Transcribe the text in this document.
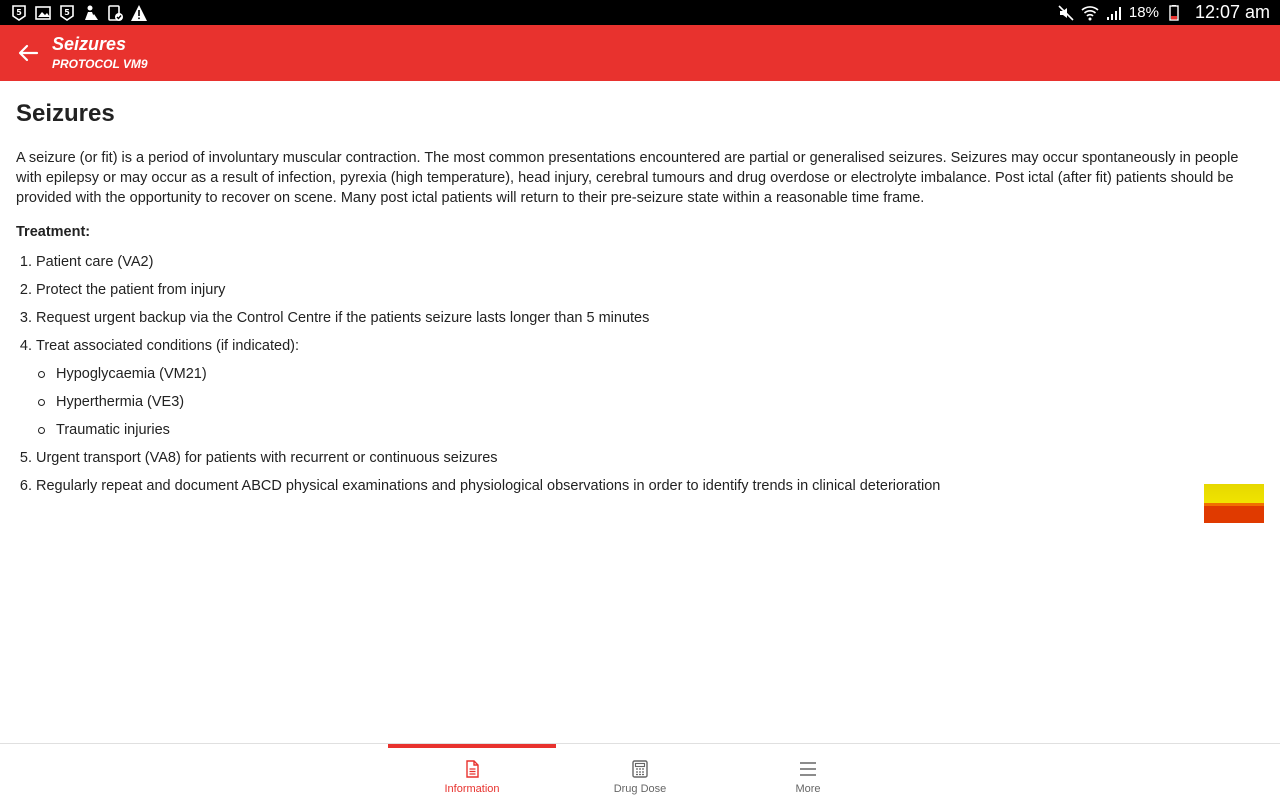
5	5	18% 12:07 am
Seizures
PROTOCOL VM9
Seizures

A seizure (or fit) is a period of involuntary muscular contraction. The most common presentations encountered are partial or generalised seizures. Seizures may occur spontaneously in people with epilepsy or may occur as a result of infection, pyrexia (high temperature), head injury, cerebral tumours and drug overdose or electrolyte imbalance. Post ictal (after fit) patients should be provided with the opportunity to recover on scene. Many post ictal patients will return to their pre-seizure state within a reasonable time frame.

Treatment:

1. Patient care (VA2)
2. Protect the patient from injury
3. Request urgent backup via the Control Centre if the patients seizure lasts longer than 5 minutes
4. Treat associated conditions (if indicated):
Hypoglycaemia (VM21)
Hyperthermia (VE3)
Traumatic injuries
5. Urgent transport (VA8) for patients with recurrent or continuous seizures
6. Regularly repeat and document ABCD physical examinations and physiological observations in order to identify trends in clinical deterioration
Information	Drug Dose	More
